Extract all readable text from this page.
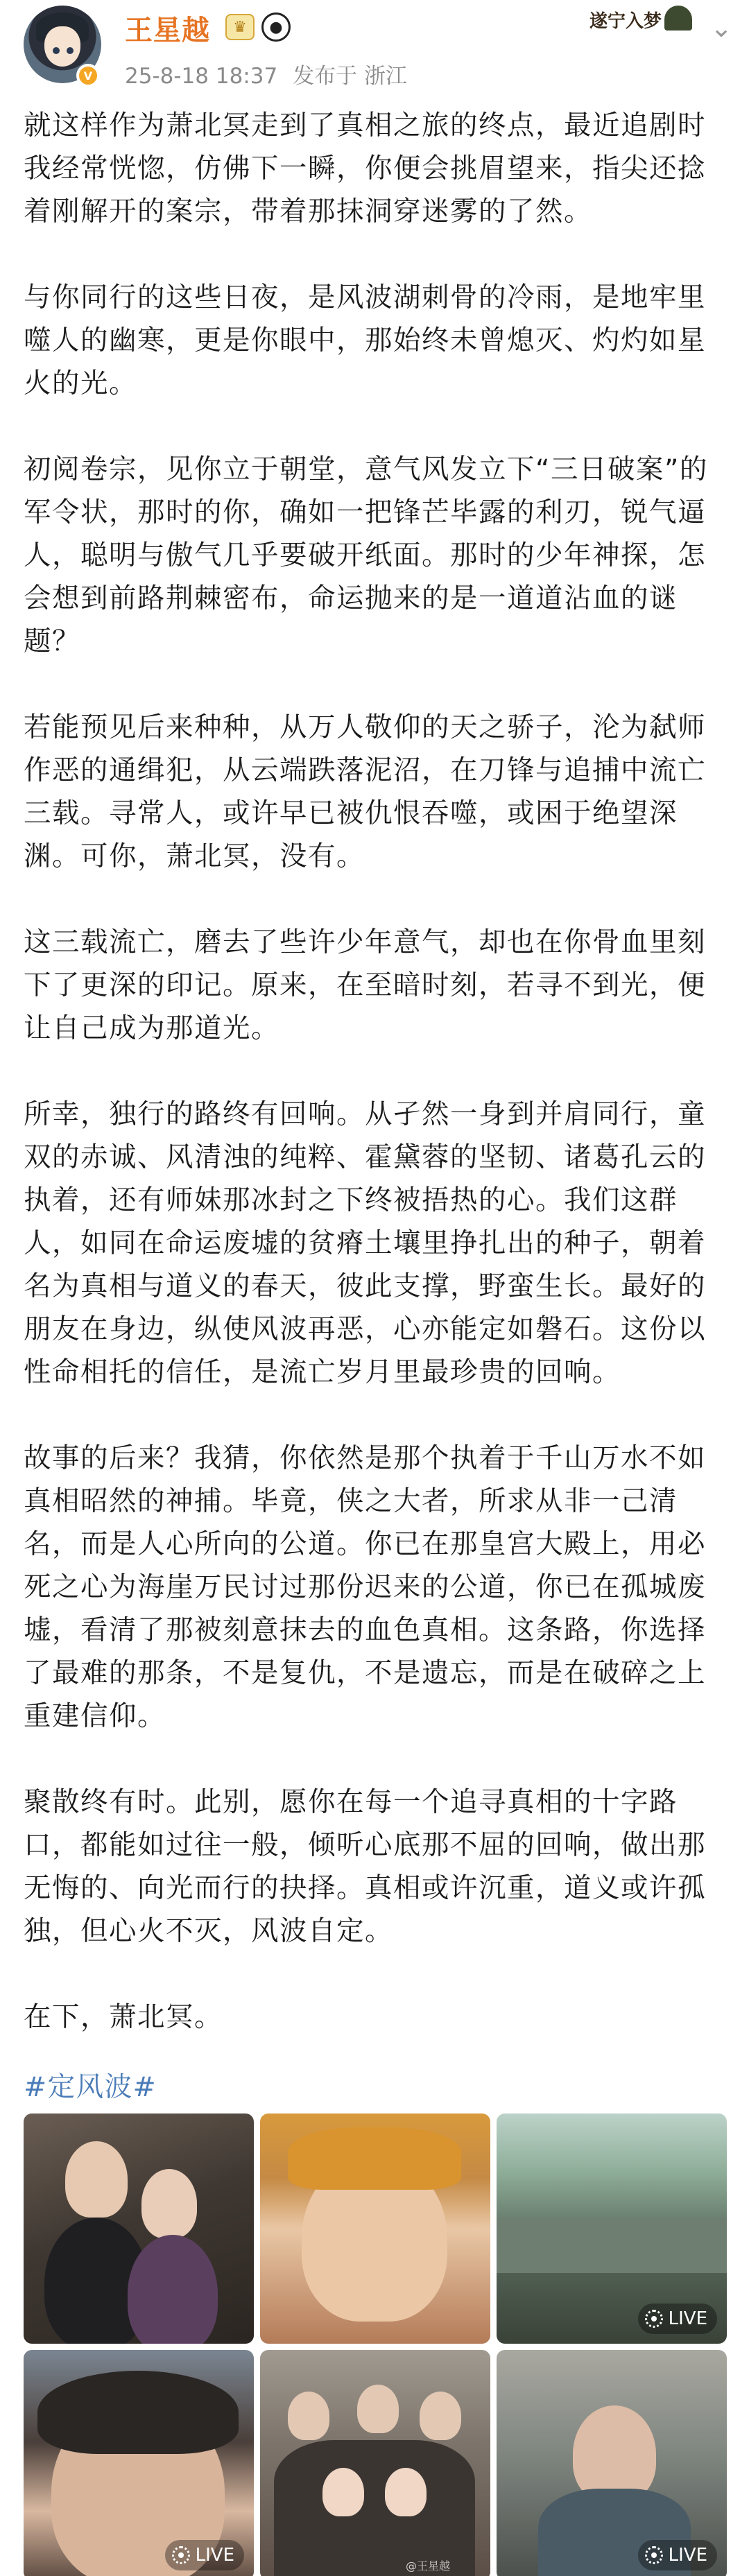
V
王星越	♛	●
25-8-18 18:37 发布于 浙江
遂宁入梦 ⌄

就这样作为萧北冥走到了真相之旅的终点，最近追剧时我经常恍惚，仿佛下一瞬，你便会挑眉望来，指尖还捻着刚解开的案宗，带着那抹洞穿迷雾的了然。

与你同行的这些日夜，是风波湖刺骨的冷雨，是地牢里噬人的幽寒，更是你眼中，那始终未曾熄灭、灼灼如星火的光。

初阅卷宗，见你立于朝堂，意气风发立下“三日破案”的军令状，那时的你，确如一把锋芒毕露的利刃，锐气逼人，聪明与傲气几乎要破开纸面。那时的少年神探，怎会想到前路荆棘密布，命运抛来的是一道道沾血的谜题？

若能预见后来种种，从万人敬仰的天之骄子，沦为弑师作恶的通缉犯，从云端跌落泥沼，在刀锋与追捕中流亡三载。寻常人，或许早已被仇恨吞噬，或困于绝望深渊。可你，萧北冥，没有。

这三载流亡，磨去了些许少年意气，却也在你骨血里刻下了更深的印记。原来，在至暗时刻，若寻不到光，便让自己成为那道光。

所幸，独行的路终有回响。从孑然一身到并肩同行，童双的赤诚、风清浊的纯粹、霍黛蓉的坚韧、诸葛孔云的执着，还有师妹那冰封之下终被捂热的心。我们这群人，如同在命运废墟的贫瘠土壤里挣扎出的种子，朝着名为真相与道义的春天，彼此支撑，野蛮生长。最好的朋友在身边，纵使风波再恶，心亦能定如磐石。这份以性命相托的信任，是流亡岁月里最珍贵的回响。

故事的后来？我猜，你依然是那个执着于千山万水不如真相昭然的神捕。毕竟，侠之大者，所求从非一己清名，而是人心所向的公道。你已在那皇宫大殿上，用必死之心为海崖万民讨过那份迟来的公道，你已在孤城废墟，看清了那被刻意抹去的血色真相。这条路，你选择了最难的那条，不是复仇，不是遗忘，而是在破碎之上重建信仰。

聚散终有时。此别，愿你在每一个追寻真相的十字路口，都能如过往一般，倾听心底那不屈的回响，做出那无悔的、向光而行的抉择。真相或许沉重，道义或许孤独，但心火不灭，风波自定。

在下，萧北冥。

#定风波#
LIVE
LIVE
@王星越
LIVE
